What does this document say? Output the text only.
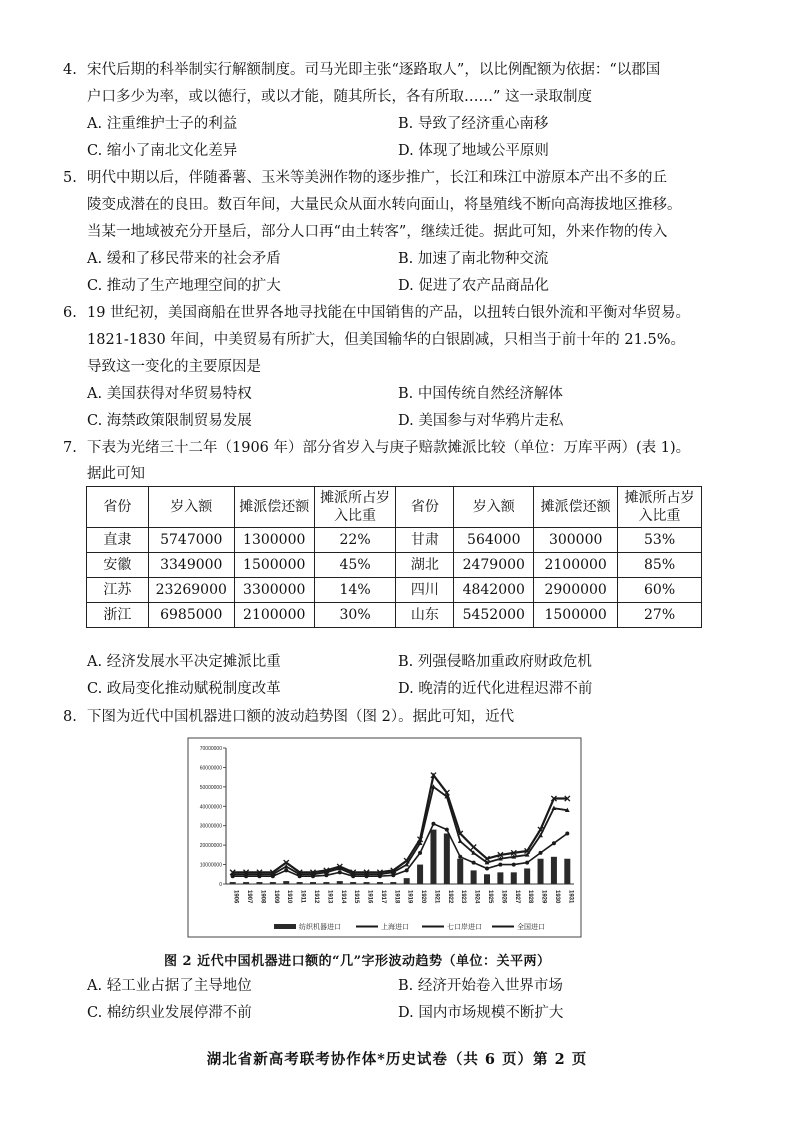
4. 宋代后期的科举制实行解额制度。司马光即主张“逐路取人”，以比例配额为依据：“以郡国
户口多少为率，或以德行，或以才能，随其所长，各有所取……” 这一录取制度
A. 注重维护士子的利益	B. 导致了经济重心南移
C. 缩小了南北文化差异	D. 体现了地域公平原则
5. 明代中期以后，伴随番薯、玉米等美洲作物的逐步推广，长江和珠江中游原本产出不多的丘
陵变成潜在的良田。数百年间，大量民众从面水转向面山，将垦殖线不断向高海拔地区推移。
当某一地域被充分开垦后，部分人口再“由土转客”，继续迁徙。据此可知，外来作物的传入
A. 缓和了移民带来的社会矛盾	B. 加速了南北物种交流
C. 推动了生产地理空间的扩大	D. 促进了农产品商品化
6. 19 世纪初，美国商船在世界各地寻找能在中国销售的产品，以扭转白银外流和平衡对华贸易。
1821-1830 年间，中美贸易有所扩大，但美国输华的白银剧减，只相当于前十年的 21.5%。
导致这一变化的主要原因是
A. 美国获得对华贸易特权	B. 中国传统自然经济解体
C. 海禁政策限制贸易发展	D. 美国参与对华鸦片走私
7. 下表为光绪三十二年（1906 年）部分省岁入与庚子赔款摊派比较（单位：万库平两）(表 1)。
据此可知
省份	岁入额	摊派偿还额	摊派所占岁入比重	省份	岁入额	摊派偿还额	摊派所占岁入比重
直隶	5747000	1300000	22%	甘肃	564000	300000	53%
安徽	3349000	1500000	45%	湖北	2479000	2100000	85%
江苏	23269000	3300000	14%	四川	4842000	2900000	60%
浙江	6985000	2100000	30%	山东	5452000	1500000	27%
A. 经济发展水平决定摊派比重	B. 列强侵略加重政府财政危机
C. 政局变化推动赋税制度改革	D. 晚清的近代化进程迟滞不前
8. 下图为近代中国机器进口额的波动趋势图（图 2）。据此可知，近代
0
10000000
20000000
30000000
40000000
50000000
60000000
70000000
1906 1907 1908 1909 1910 1911 1912 1913 1914 1915 1916 1917 1918 1919 1920 1921 1922 1923 1924 1925 1926 1927 1928 1929 1930 1931
纺织机器进口	上海进口	七口岸进口	全国进口
图 2 近代中国机器进口额的“几”字形波动趋势（单位：关平两）
A. 轻工业占据了主导地位	B. 经济开始卷入世界市场
C. 棉纺织业发展停滞不前	D. 国内市场规模不断扩大
湖北省新高考联考协作体*历史试卷（共 6 页）第 2 页
